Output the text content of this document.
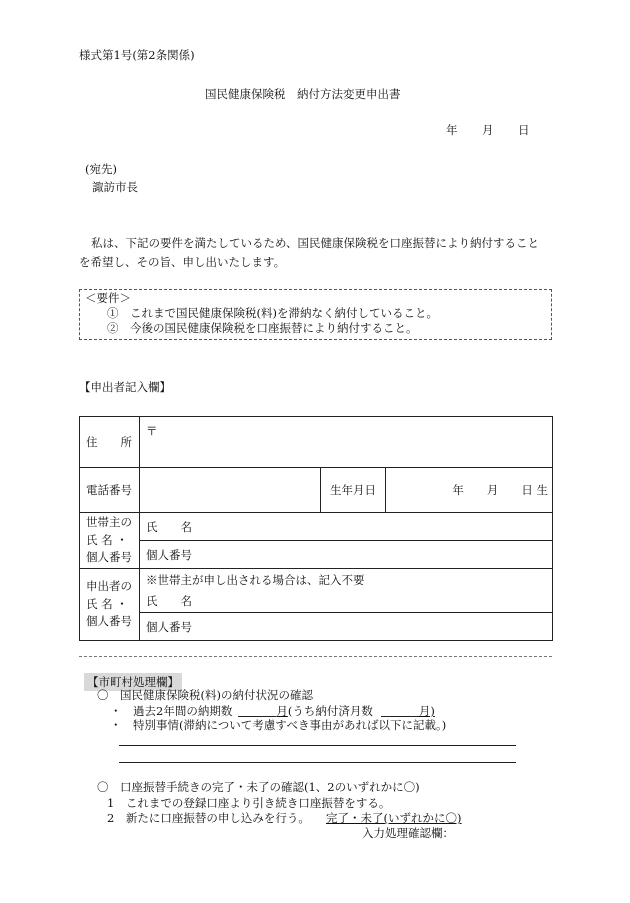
様式第1号(第2条関係)
国民健康保険税　納付方法変更申出書
年 月 日
(宛先)
諏訪市長
私は、下記の要件を満たしているため、国民健康保険税を口座振替により納付すること
を希望し、その旨、申し出いたします。
＜要件＞
①　これまで国民健康保険税(料)を滞納なく納付していること。
②　今後の国民健康保険税を口座振替により納付すること。
【申出者記入欄】
住　　所	〒		
電話番号		生年月日	年　　月　　日 生
世帯主の
氏 名 ・
個人番号	氏　　名		
	個人番号		
申出者の
氏 名 ・
個人番号	※世帯主が申し出される場合は、記入不要		
	氏　　名		
	個人番号		
【市町村処理欄】
〇　国民健康保険税(料)の納付状況の確認
・　過去2年間の納期数	月(うち納付済月数	月)
・　特別事情(滞納について考慮すべき事由があれば以下に記載。)
〇　口座振替手続きの完了・未了の確認(1、2のいずれかに〇)
1　これまでの登録口座より引き続き口座振替をする。
2　新たに口座振替の申し込みを行う。 完了・未了(いずれかに〇)
入力処理確認欄：
